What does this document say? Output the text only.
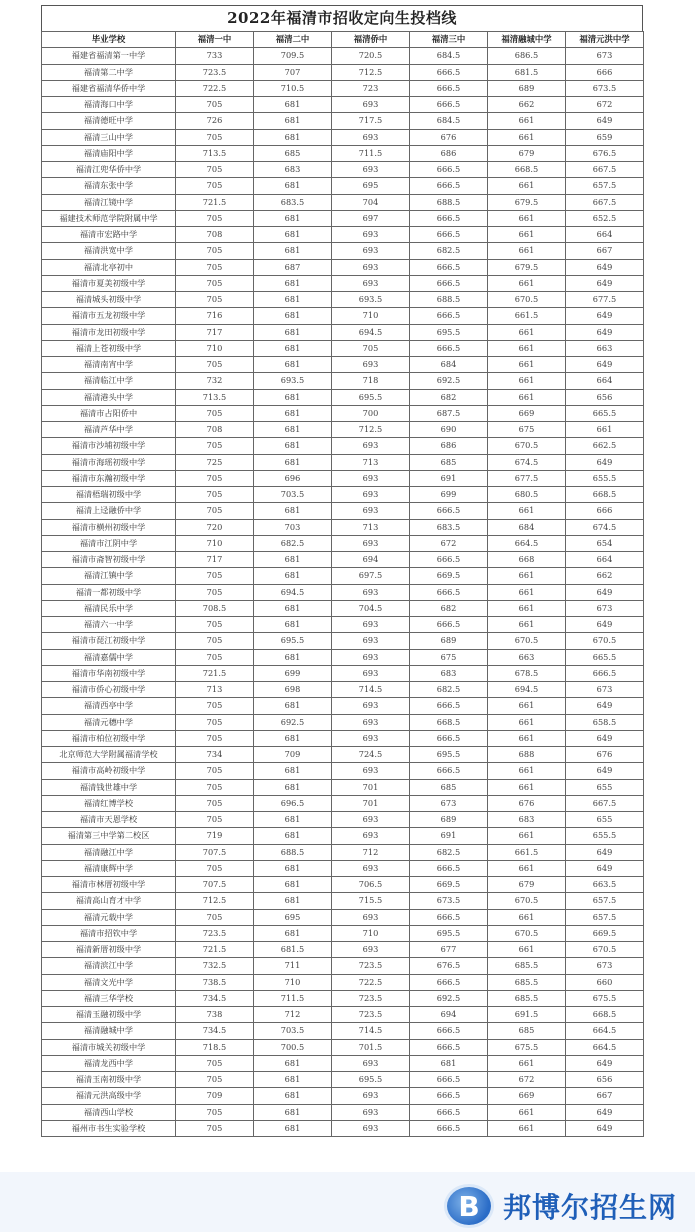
2022年福清市招收定向生投档线
毕业学校	福清一中	福清二中	福清侨中	福清三中	福清融城中学	福清元洪中学
福建省福清第一中学	733	709.5	720.5	684.5	686.5	673
福清第二中学	723.5	707	712.5	666.5	681.5	666
福建省福清华侨中学	722.5	710.5	723	666.5	689	673.5
福清海口中学	705	681	693	666.5	662	672
福清德旺中学	726	681	717.5	684.5	661	649
福清三山中学	705	681	693	676	661	659
福清庙阳中学	713.5	685	711.5	686	679	676.5
福清江兜华侨中学	705	683	693	666.5	668.5	667.5
福清东张中学	705	681	695	666.5	661	657.5
福清江镜中学	721.5	683.5	704	688.5	679.5	667.5
福建技术师范学院附属中学	705	681	697	666.5	661	652.5
福清市宏路中学	708	681	693	666.5	661	664
福清洪宽中学	705	681	693	682.5	661	667
福清北亭初中	705	687	693	666.5	679.5	649
福清市夏美初级中学	705	681	693	666.5	661	649
福清城头初级中学	705	681	693.5	688.5	670.5	677.5
福清市五龙初级中学	716	681	710	666.5	661.5	649
福清市龙田初级中学	717	681	694.5	695.5	661	649
福清上苍初级中学	710	681	705	666.5	661	663
福清南宵中学	705	681	693	684	661	649
福清临江中学	732	693.5	718	692.5	661	664
福清港头中学	713.5	681	695.5	682	661	656
福清市占阳侨中	705	681	700	687.5	669	665.5
福清芦华中学	708	681	712.5	690	675	661
福清市沙埔初级中学	705	681	693	686	670.5	662.5
福清市海瑶初级中学	725	681	713	685	674.5	649
福清市东瀚初级中学	705	696	693	691	677.5	655.5
福清梧瑞初级中学	705	703.5	693	699	680.5	668.5
福清上迳融侨中学	705	681	693	666.5	661	666
福清市横州初级中学	720	703	713	683.5	684	674.5
福清市江阴中学	710	682.5	693	672	664.5	654
福清市斋智初级中学	717	681	694	666.5	668	664
福清江镇中学	705	681	697.5	669.5	661	662
福清一都初级中学	705	694.5	693	666.5	661	649
福清民乐中学	708.5	681	704.5	682	661	673
福清六一中学	705	681	693	666.5	661	649
福清市琵江初级中学	705	695.5	693	689	670.5	670.5
福清嘉儒中学	705	681	693	675	663	665.5
福清市华南初级中学	721.5	699	693	683	678.5	666.5
福清市侨心初级中学	713	698	714.5	682.5	694.5	673
福清西亭中学	705	681	693	666.5	661	649
福清元穗中学	705	692.5	693	668.5	661	658.5
福清市柏位初级中学	705	681	693	666.5	661	649
北京师范大学附属福清学校	734	709	724.5	695.5	688	676
福清市高岭初级中学	705	681	693	666.5	661	649
福清钱世雄中学	705	681	701	685	661	655
福清红博学校	705	696.5	701	673	676	667.5
福清市天恩学校	705	681	693	689	683	655
福清第三中学第二校区	719	681	693	691	661	655.5
福清融江中学	707.5	688.5	712	682.5	661.5	649
福清康辉中学	705	681	693	666.5	661	649
福清市林厝初级中学	707.5	681	706.5	669.5	679	663.5
福清高山育才中学	712.5	681	715.5	673.5	670.5	657.5
福清元载中学	705	695	693	666.5	661	657.5
福清市招钦中学	723.5	681	710	695.5	670.5	669.5
福清新厝初级中学	721.5	681.5	693	677	661	670.5
福清滨江中学	732.5	711	723.5	676.5	685.5	673
福清文光中学	738.5	710	722.5	666.5	685.5	660
福清三华学校	734.5	711.5	723.5	692.5	685.5	675.5
福清玉融初级中学	738	712	723.5	694	691.5	668.5
福清融城中学	734.5	703.5	714.5	666.5	685	664.5
福清市城关初级中学	718.5	700.5	701.5	666.5	675.5	664.5
福清龙西中学	705	681	693	681	661	649
福清玉南初级中学	705	681	695.5	666.5	672	656
福清元洪高级中学	709	681	693	666.5	669	667
福清西山学校	705	681	693	666.5	661	649
福州市书生实验学校	705	681	693	666.5	661	649
B 邦博尔招生网
